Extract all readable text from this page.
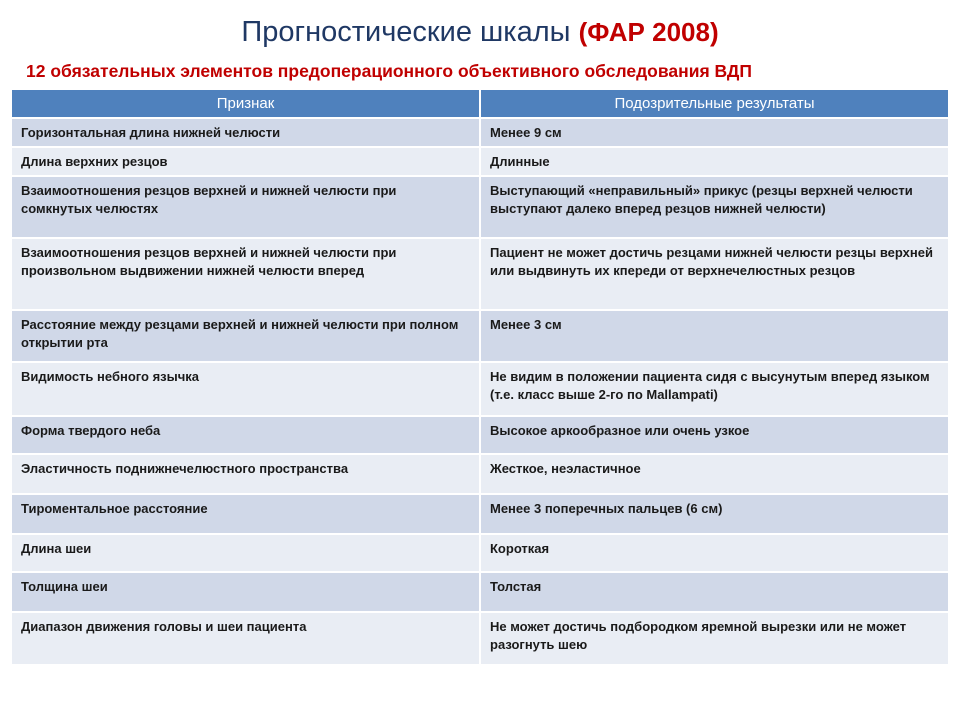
Прогностические шкалы (ФАР 2008)
12 обязательных элементов предоперационного объективного обследования ВДП
Признак	Подозрительные результаты
Горизонтальная длина нижней челюсти	Менее 9 см
Длина верхних резцов	Длинные
Взаимоотношения резцов верхней и нижней челюсти при сомкнутых челюстях	Выступающий «неправильный» прикус (резцы верхней челюсти выступают далеко вперед резцов нижней челюсти)
Взаимоотношения резцов верхней и нижней челюсти при произвольном выдвижении нижней челюсти вперед	Пациент не может достичь резцами нижней челюсти резцы верхней или выдвинуть их кпереди от верхнечелюстных резцов
Расстояние между резцами верхней и нижней челюсти при полном открытии рта	Менее 3 см
Видимость небного язычка	Не видим в положении пациента сидя с высунутым вперед языком (т.е. класс выше 2-го по Mallampati)
Форма твердого неба	Высокое аркообразное или очень узкое
Эластичность поднижнечелюстного пространства	Жесткое, неэластичное
Тироментальное расстояние	Менее 3 поперечных пальцев (6 см)
Длина шеи	Короткая
Толщина шеи	Толстая
Диапазон движения головы и шеи пациента	Не может достичь подбородком яремной вырезки или не может разогнуть шею
